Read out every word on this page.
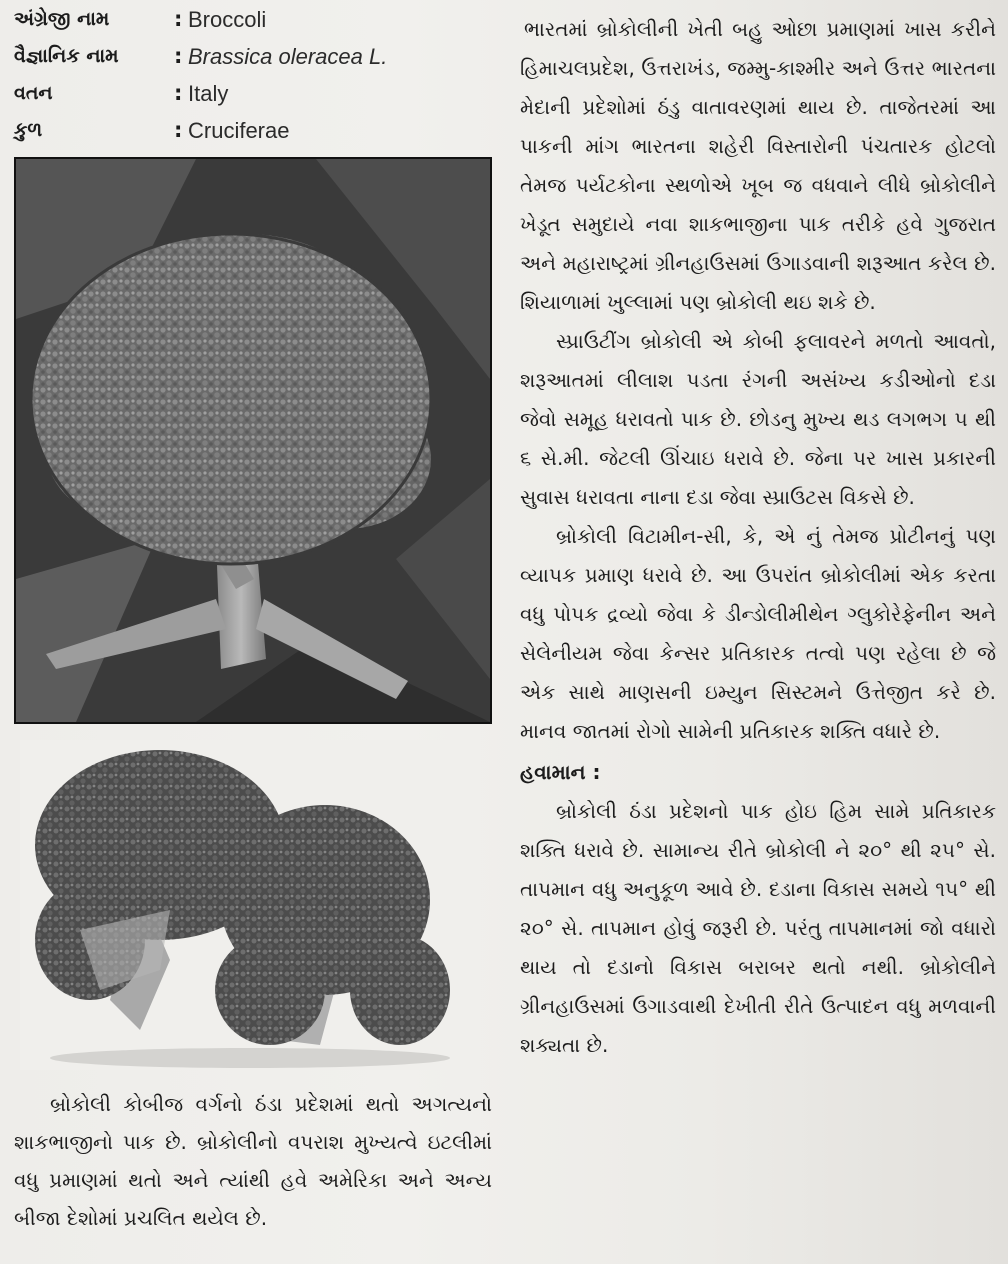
અંગ્રેજી નામ	: Broccoli
વૈજ્ઞાનિક નામ	: Brassica oleracea L.
વતન	: Italy
કુળ	: Cruciferae

બ્રોકોલી કોબીજ વર્ગનો ઠંડા પ્રદેશમાં થતો અગત્યનો શાકભાજીનો પાક છે. બ્રોકોલીનો વપરાશ મુખ્યત્વે ઇટલીમાં વધુ પ્રમાણમાં થતો અને ત્યાંથી હવે અમેરિકા અને અન્ય બીજા દેશોમાં પ્રચલિત થયેલ છે.

ભારતમાં બ્રોકોલીની ખેતી બહુ ઓછા પ્રમાણમાં ખાસ કરીને હિમાચલપ્રદેશ, ઉત્તરાખંડ, જમ્મુ-કાશ્મીર અને ઉત્તર ભારતના મેદાની પ્રદેશોમાં ઠંડુ વાતાવરણમાં થાય છે. તાજેતરમાં આ પાકની માંગ ભારતના શહેરી વિસ્તારોની પંચતારક હોટલો તેમજ પર્યટકોના સ્થળોએ ખૂબ જ વધવાને લીધે બ્રોકોલીને ખેડૂત સમુદાયે નવા શાકભાજીના પાક તરીકે હવે ગુજરાત અને મહારાષ્ટ્રમાં ગ્રીનહાઉસમાં ઉગાડવાની શરૂઆત કરેલ છે. શિયાળામાં ખુલ્લામાં પણ બ્રોકોલી થઇ શકે છે.

સ્પ્રાઉટીંગ બ્રોકોલી એ કોબી ફલાવરને મળતો આવતો, શરૂઆતમાં લીલાશ પડતા રંગની અસંખ્ય કડીઓનો દડા જેવો સમૂહ ધરાવતો પાક છે. છોડનુ મુખ્ય થડ લગભગ ૫ થી ૬ સે.મી. જેટલી ઊંચાઇ ધરાવે છે. જેના પર ખાસ પ્રકારની સુવાસ ધરાવતા નાના દડા જેવા સ્પ્રાઉટસ વિકસે છે.

બ્રોકોલી વિટામીન-સી, કે, એ નું તેમજ પ્રોટીનનું પણ વ્યાપક પ્રમાણ ધરાવે છે. આ ઉપરાંત બ્રોકોલીમાં એક કરતા વધુ પોપક દ્રવ્યો જેવા કે ડીન્ડોલીમીથેન ગ્લુકોરેફેનીન અને સેલેનીયમ જેવા કેન્સર પ્રતિકારક તત્વો પણ રહેલા છે જે એક સાથે માણસની ઇમ્યુન સિસ્ટમને ઉત્તેજીત કરે છે. માનવ જાતમાં રોગો સામેની પ્રતિકારક શક્તિ વધારે છે.

હવામાન :

બ્રોકોલી ઠંડા પ્રદેશનો પાક હોઇ હિમ સામે પ્રતિકારક શક્તિ ધરાવે છે. સામાન્ય રીતે બ્રોકોલી ને ૨૦° થી ૨૫° સે. તાપમાન વધુ અનુકૂળ આવે છે. દડાના વિકાસ સમયે ૧૫° થી ૨૦° સે. તાપમાન હોવું જરૂરી છે. પરંતુ તાપમાનમાં જો વધારો થાય તો દડાનો વિકાસ બરાબર થતો નથી. બ્રોકોલીને ગ્રીનહાઉસમાં ઉગાડવાથી દેખીતી રીતે ઉત્પાદન વધુ મળવાની શક્યતા છે.
